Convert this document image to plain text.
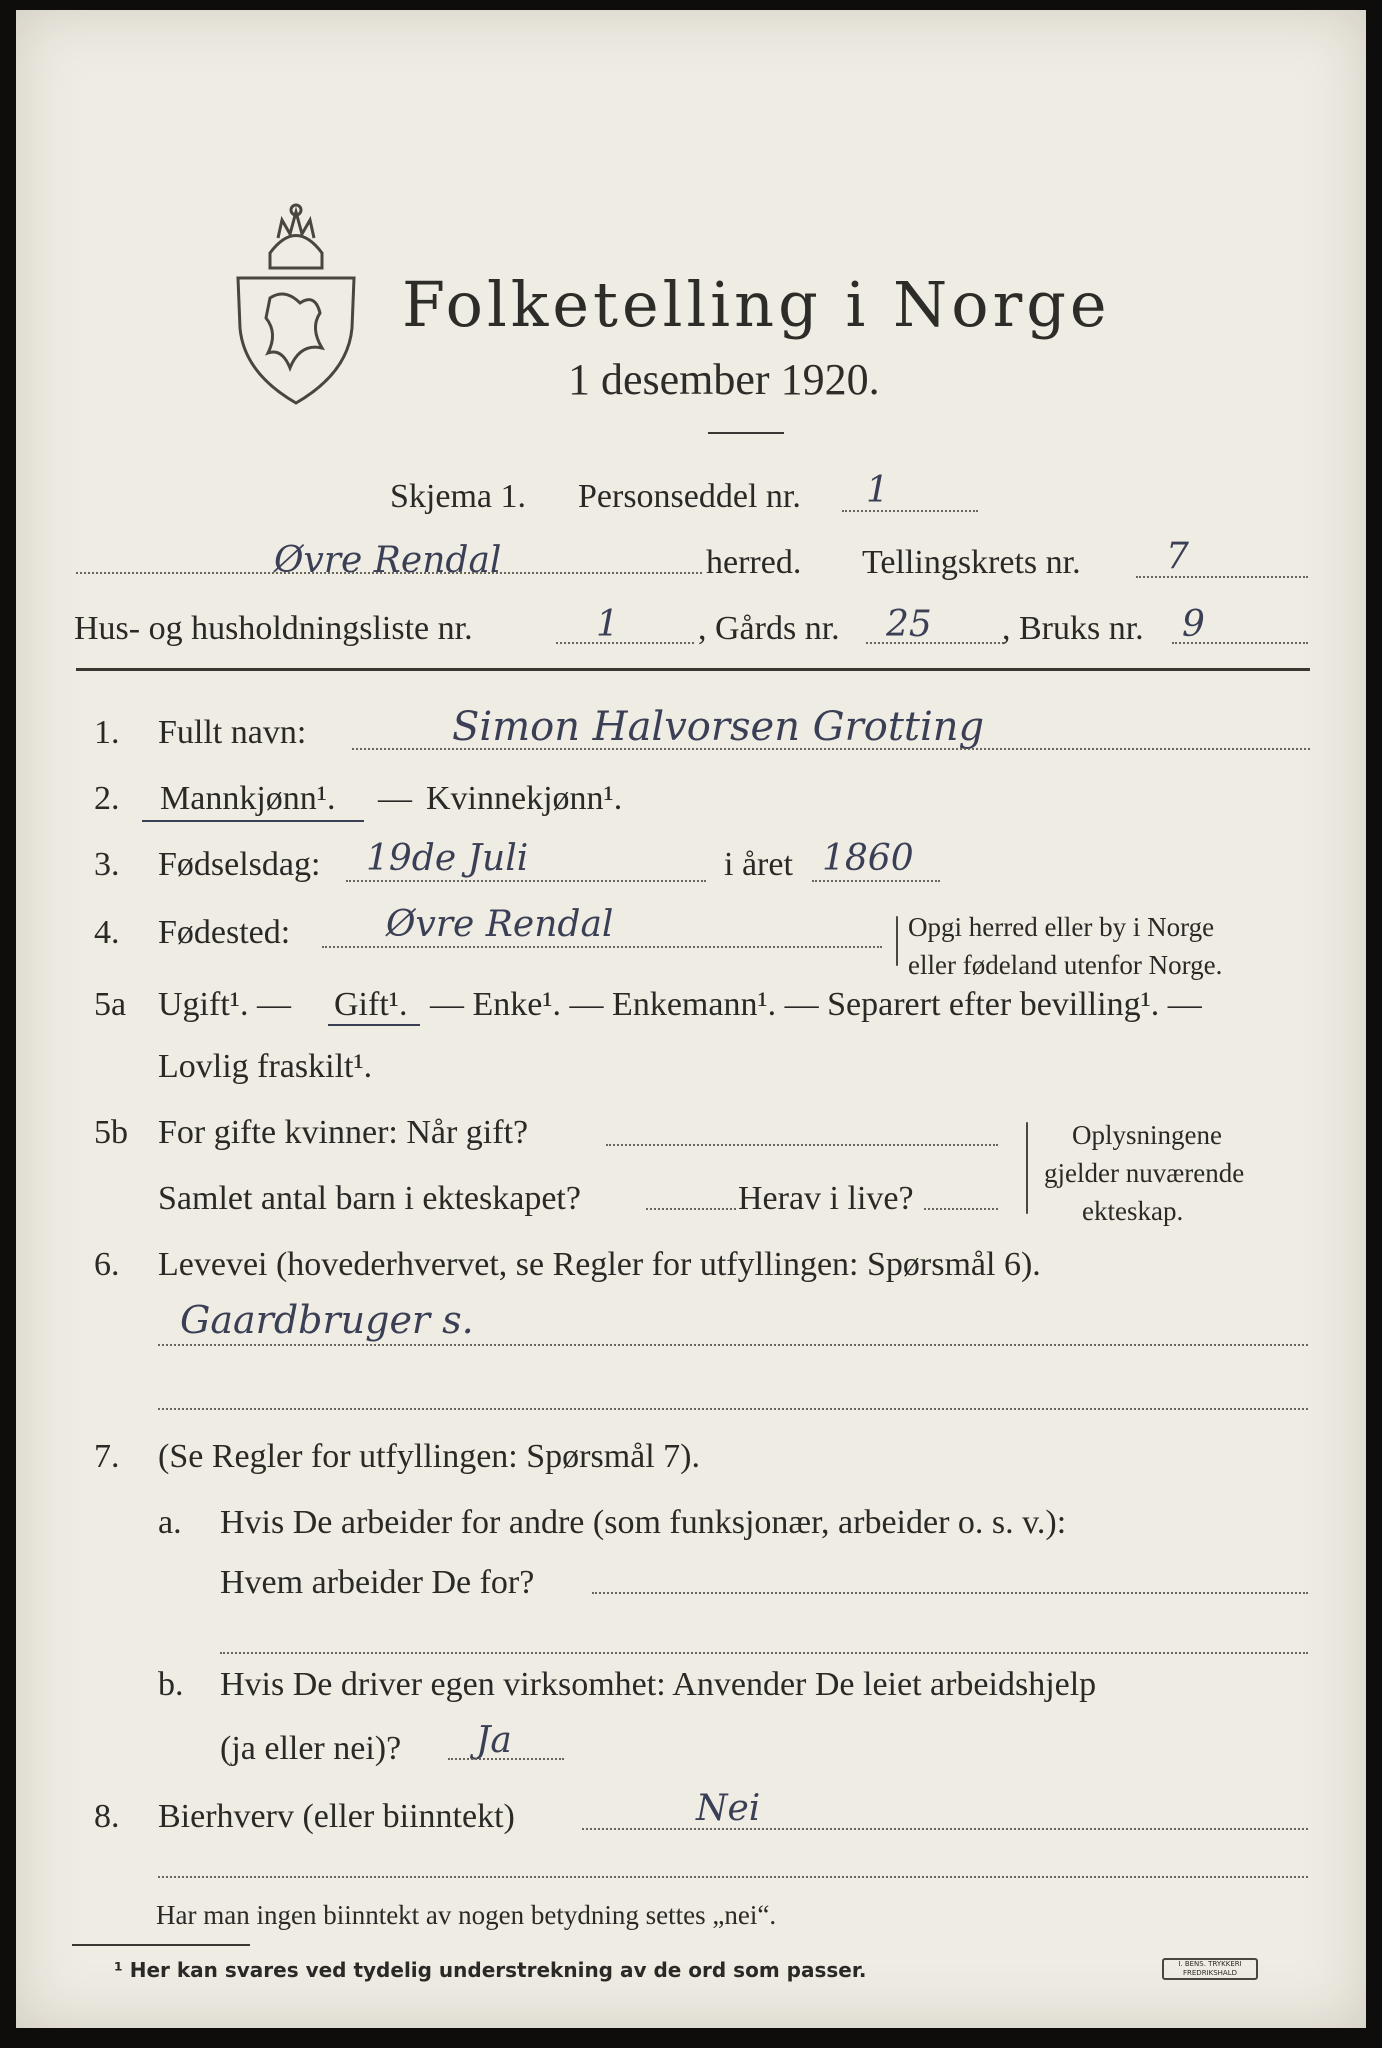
Folketelling i Norge
1 desember 1920.
Skjema 1. Personseddel nr. 1
Øvre Rendal	herred. Tellingskrets nr. 7
Hus- og husholdningsliste nr.	1 , Gårds nr. 25 , Bruks nr. 9
1. Fullt navn:	Simon Halvorsen Grotting
2. Mannkjønn¹. — Kvinnekjønn¹.
3. Fødselsdag: 19de Juli	i året 1860
4. Fødested:	Øvre Rendal	Opgi herred eller by i Norge
eller fødeland utenfor Norge.
5a Ugift¹. — Gift¹. — Enke¹. — Enkemann¹. — Separert efter bevilling¹. —
Lovlig fraskilt¹.
5b For gifte kvinner: Når gift?
Samlet antal barn i ekteskapet?	Herav i live?
Oplysningene
gjelder nuværende
ekteskap.
6. Levevei (hovederhvervet, se Regler for utfyllingen: Spørsmål 6).
Gaardbruger s.
7. (Se Regler for utfyllingen: Spørsmål 7).
a. Hvis De arbeider for andre (som funksjonær, arbeider o. s. v.):
Hvem arbeider De for?
b. Hvis De driver egen virksomhet: Anvender De leiet arbeidshjelp
(ja eller nei)? Ja
8. Bierhverv (eller biinntekt)	Nei
Har man ingen biinntekt av nogen betydning settes „nei“.
¹ Her kan svares ved tydelig understrekning av de ord som passer.	I. BENS. TRYKKERI FREDRIKSHALD
